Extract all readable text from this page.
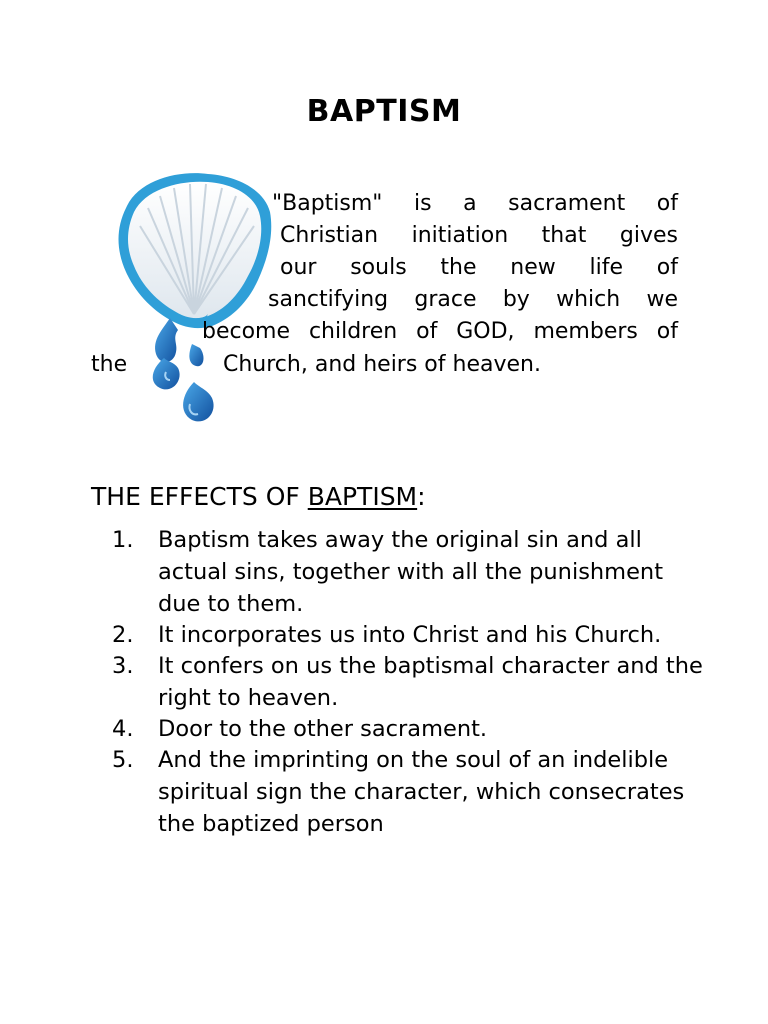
BAPTISM
"Baptism" is a sacrament of
Christian initiation that gives
our souls the new life of
sanctifying grace by which we
become children of GOD, members of
the	Church, and heirs of heaven.
THE EFFECTS OF BAPTISM:
1. Baptism takes away the original sin and all actual sins, together with all the punishment due to them.
2. It incorporates us into Christ and his Church.
3. It confers on us the baptismal character and the right to heaven.
4. Door to the other sacrament.
5. And the imprinting on the soul of an indelible spiritual sign the character, which consecrates the baptized person
